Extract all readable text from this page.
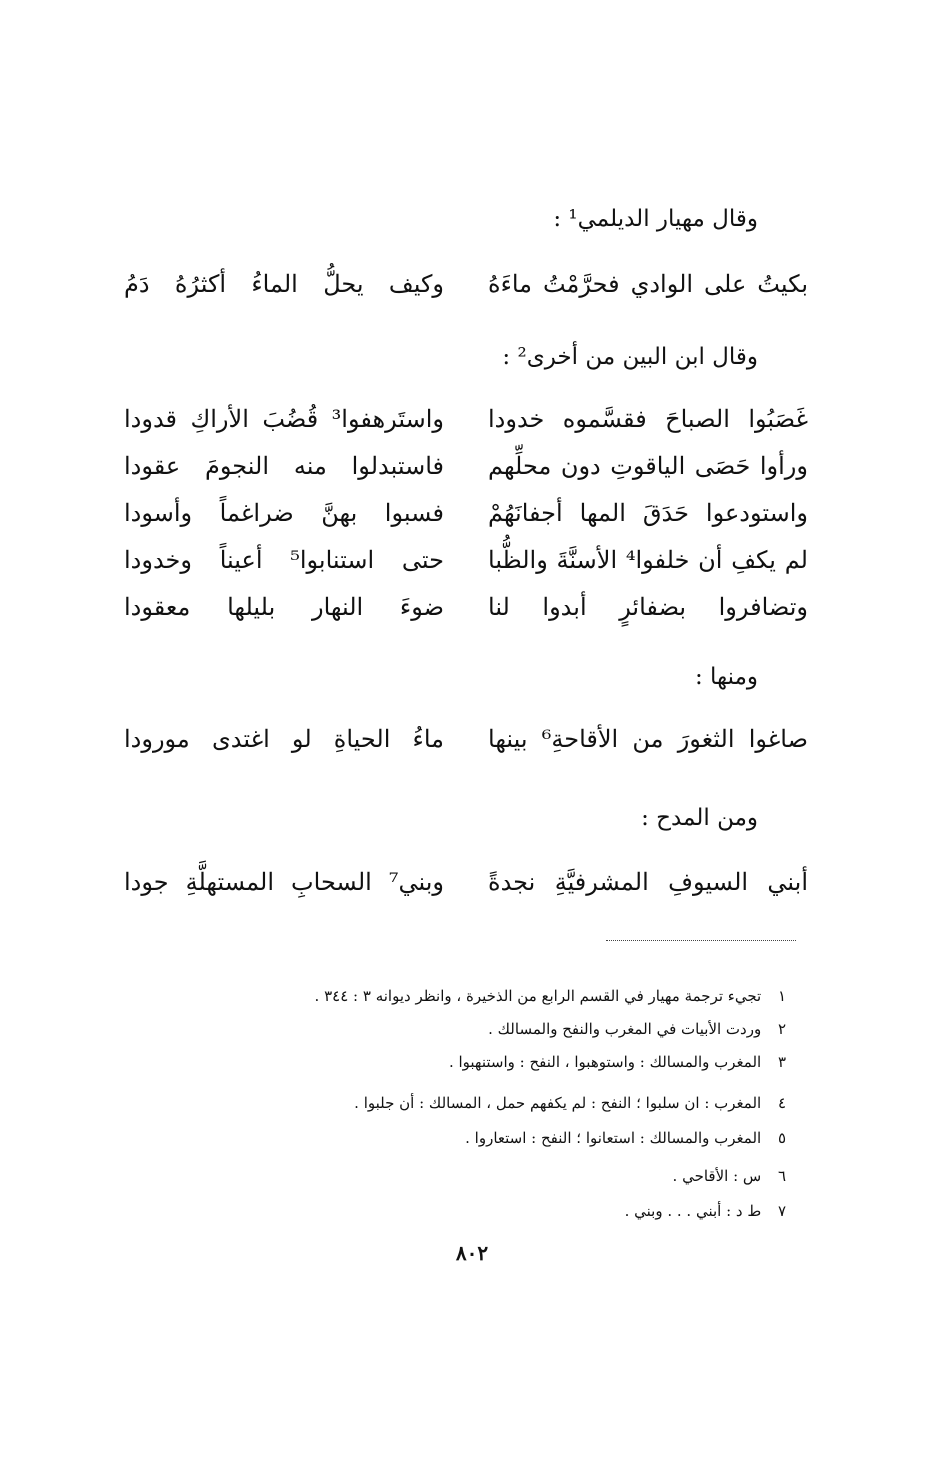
وقال مهيار الديلمي¹ :
بكيتُ على الوادي فحرَّمْتُ ماءَهُ
وكيف يحلُّ الماءُ أكثرُهُ دَمُ
وقال ابن البين من أخرى² :
غَصَبُوا الصباحَ فقسَّموه خدودا
واستَرهفوا³ قُضُبَ الأراكِ قدودا
ورأوا حَصَى الياقوتِ دون محلِّهم
فاستبدلوا منه النجومَ عقودا
واستودعوا حَدَقَ المها أجفانَهُمْ
فسبوا بهنَّ ضراغماً وأسودا
لم يكفِ أن خلفوا⁴ الأسنَّةَ والظُّبا
حتى استنابوا⁵ أعيناً وخدودا
وتضافروا بضفائرٍ أبدوا لنا
ضوءَ النهار بليلها معقودا
ومنها :
صاغوا الثغورَ من الأقاحةِ⁶ بينها
ماءُ الحياةِ لو اغتدى مورودا
ومن المدح :
أبني السيوفِ المشرفيَّةِ نجدةً
وبني⁷ السحابِ المستهلَّةِ جودا
١ تجيء ترجمة مهيار في القسم الرابع من الذخيرة ، وانظر ديوانه ٣ : ٣٤٤ .
٢ وردت الأبيات في المغرب والنفح والمسالك .
٣ المغرب والمسالك : واستوهبوا ، النفح : واستنهبوا .
٤ المغرب : ان سلبوا ؛ النفح : لم يكفهم حمل ، المسالك : أن جلبوا .
٥ المغرب والمسالك : استعانوا ؛ النفح : استعاروا .
٦ س : الأقاحي .
٧ ط د : أبني . . . وبني .
٨٠٢
